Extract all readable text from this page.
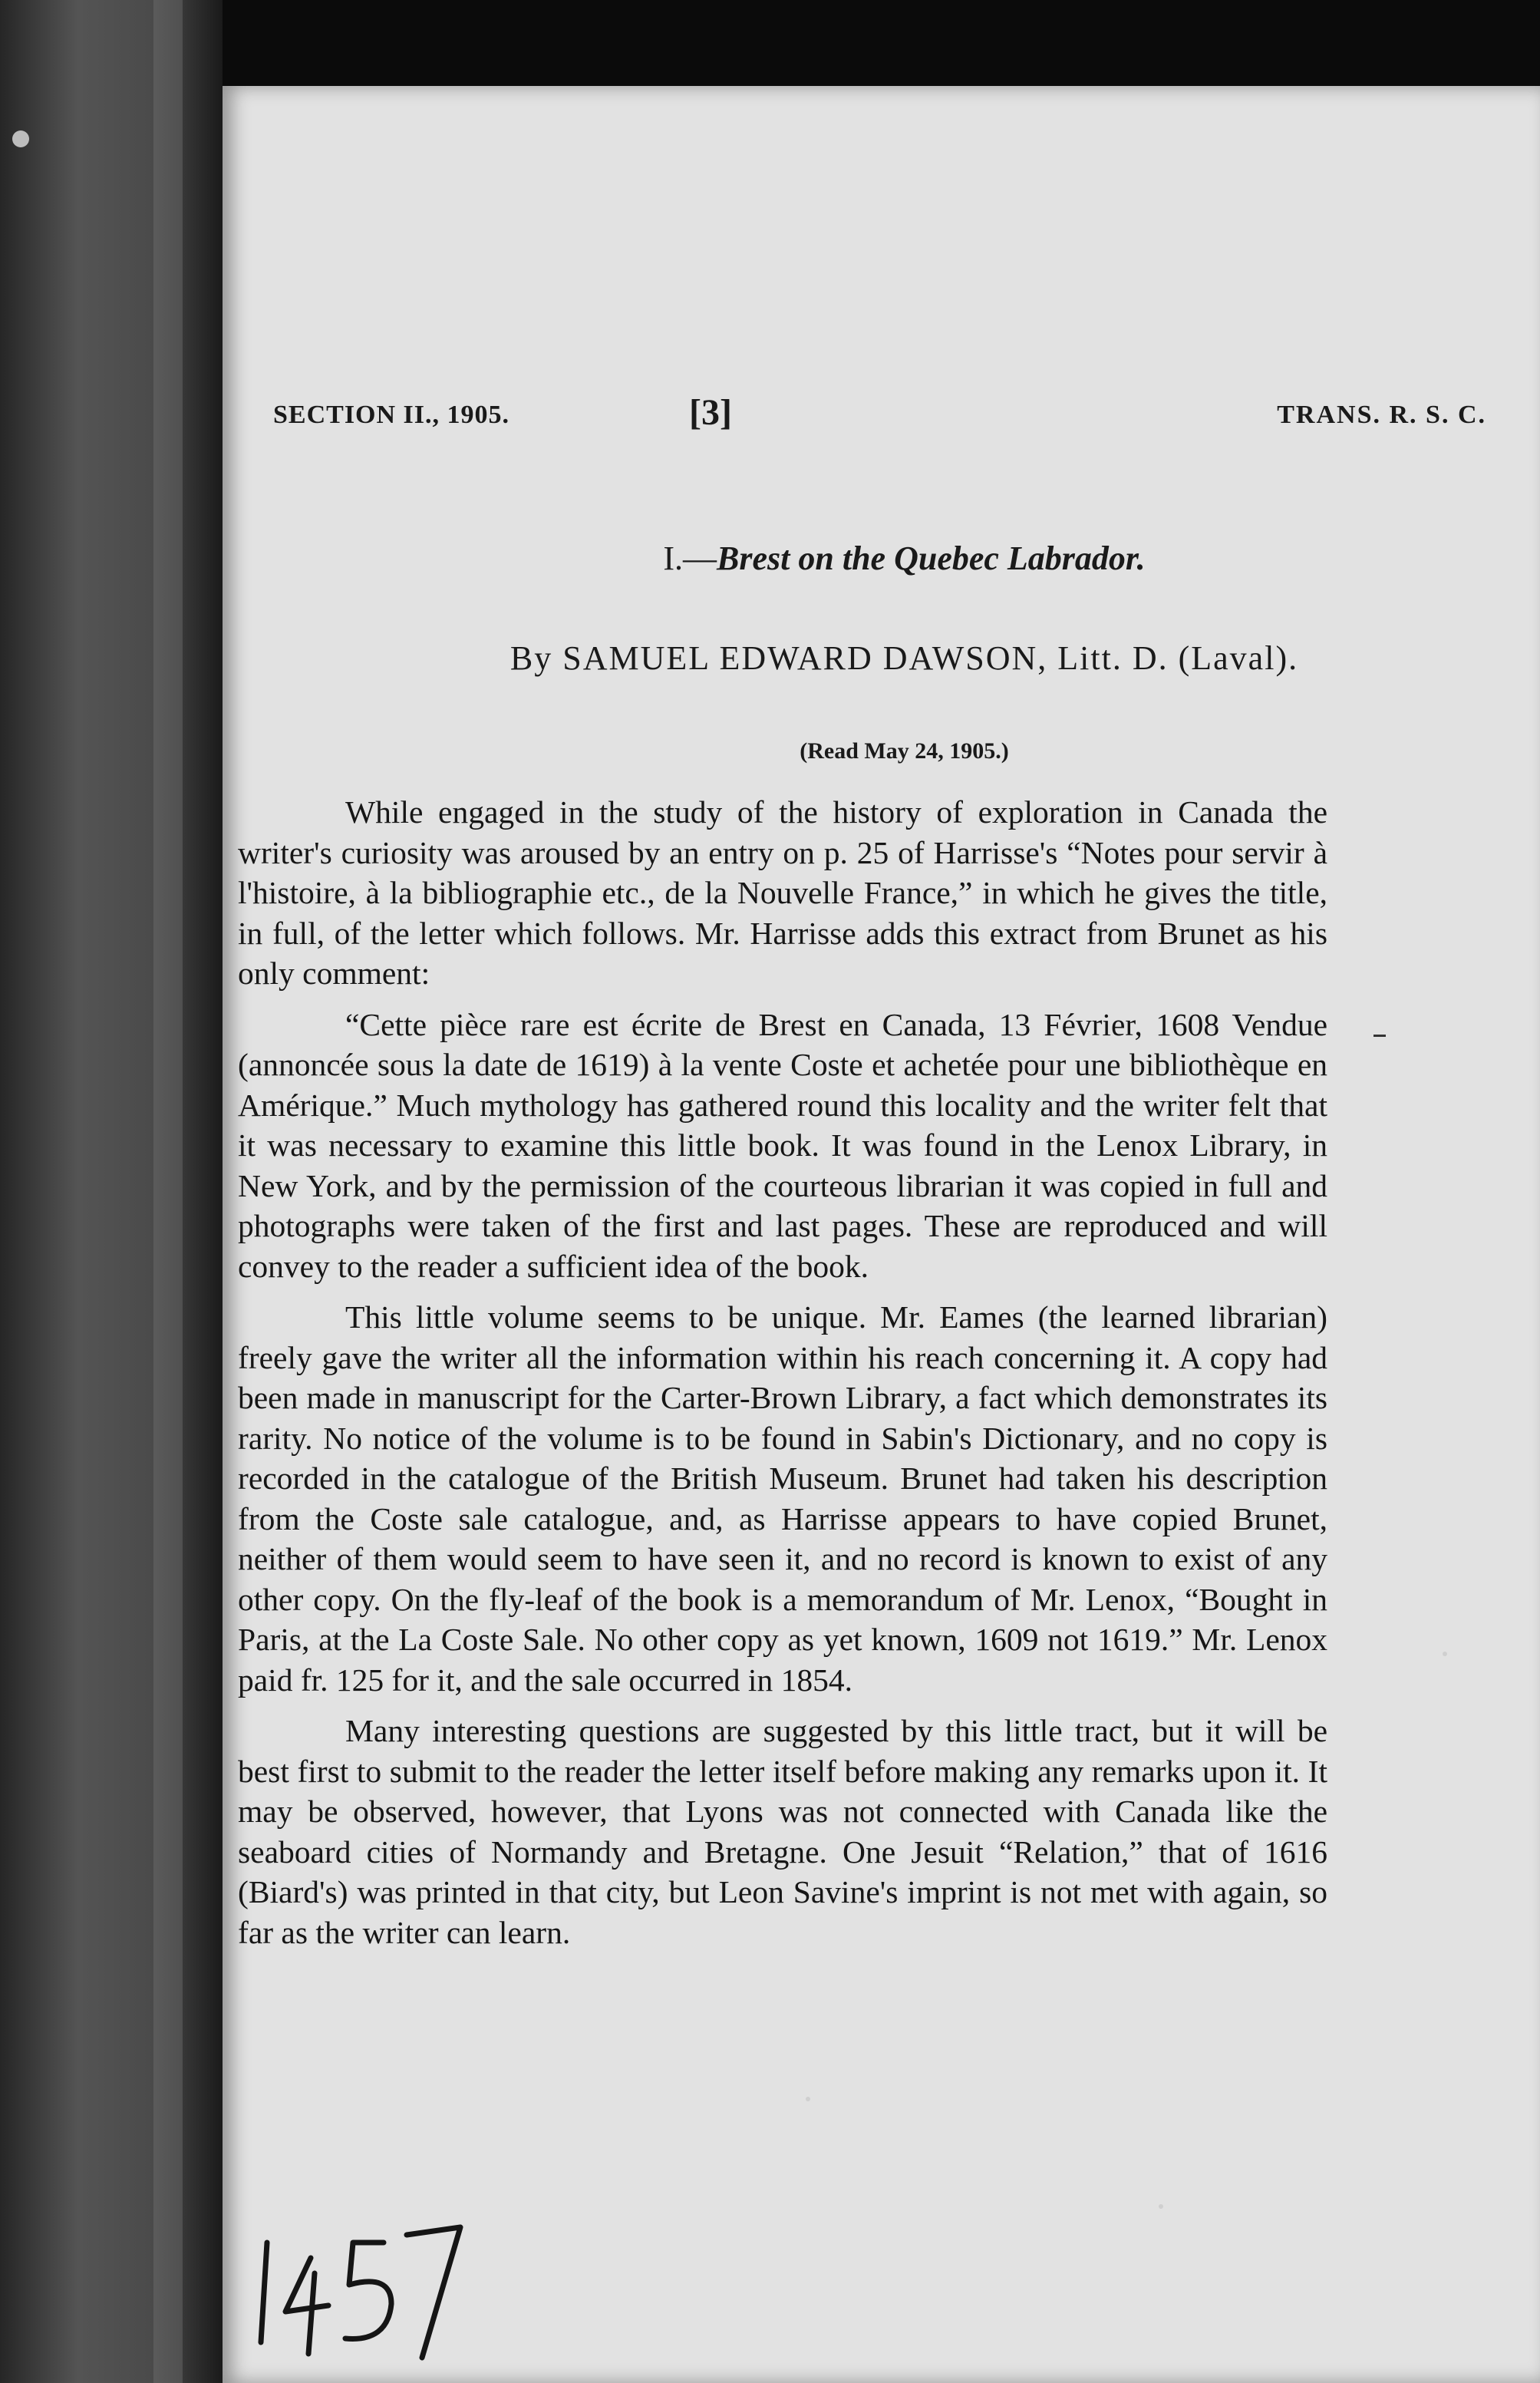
SECTION II., 1905.	[3]	TRANS. R. S. C.
I.—Brest on the Quebec Labrador.
By SAMUEL EDWARD DAWSON, Litt. D. (Laval).
(Read May 24, 1905.)

While engaged in the study of the history of exploration in Canada the writer's curiosity was aroused by an entry on p. 25 of Harrisse's “Notes pour servir à l'histoire, à la bibliographie etc., de la Nouvelle France,” in which he gives the title, in full, of the letter which follows. Mr. Harrisse adds this extract from Brunet as his only comment:

“Cette pièce rare est écrite de Brest en Canada, 13 Février, 1608 Vendue (annoncée sous la date de 1619) à la vente Coste et achetée pour une bibliothèque en Amérique.” Much mythology has gathered round this locality and the writer felt that it was necessary to examine this little book. It was found in the Lenox Library, in New York, and by the permission of the courteous librarian it was copied in full and photographs were taken of the first and last pages. These are reproduced and will convey to the reader a sufficient idea of the book.

This little volume seems to be unique. Mr. Eames (the learned librarian) freely gave the writer all the information within his reach concerning it. A copy had been made in manuscript for the Carter-Brown Library, a fact which demonstrates its rarity. No notice of the volume is to be found in Sabin's Dictionary, and no copy is recorded in the catalogue of the British Museum. Brunet had taken his description from the Coste sale catalogue, and, as Harrisse appears to have copied Brunet, neither of them would seem to have seen it, and no record is known to exist of any other copy. On the fly-leaf of the book is a memorandum of Mr. Lenox, “Bought in Paris, at the La Coste Sale. No other copy as yet known, 1609 not 1619.” Mr. Lenox paid fr. 125 for it, and the sale occurred in 1854.

Many interesting questions are suggested by this little tract, but it will be best first to submit to the reader the letter itself before making any remarks upon it. It may be observed, however, that Lyons was not connected with Canada like the seaboard cities of Normandy and Bretagne. One Jesuit “Relation,” that of 1616 (Biard's) was printed in that city, but Leon Savine's imprint is not met with again, so far as the writer can learn.

1457
